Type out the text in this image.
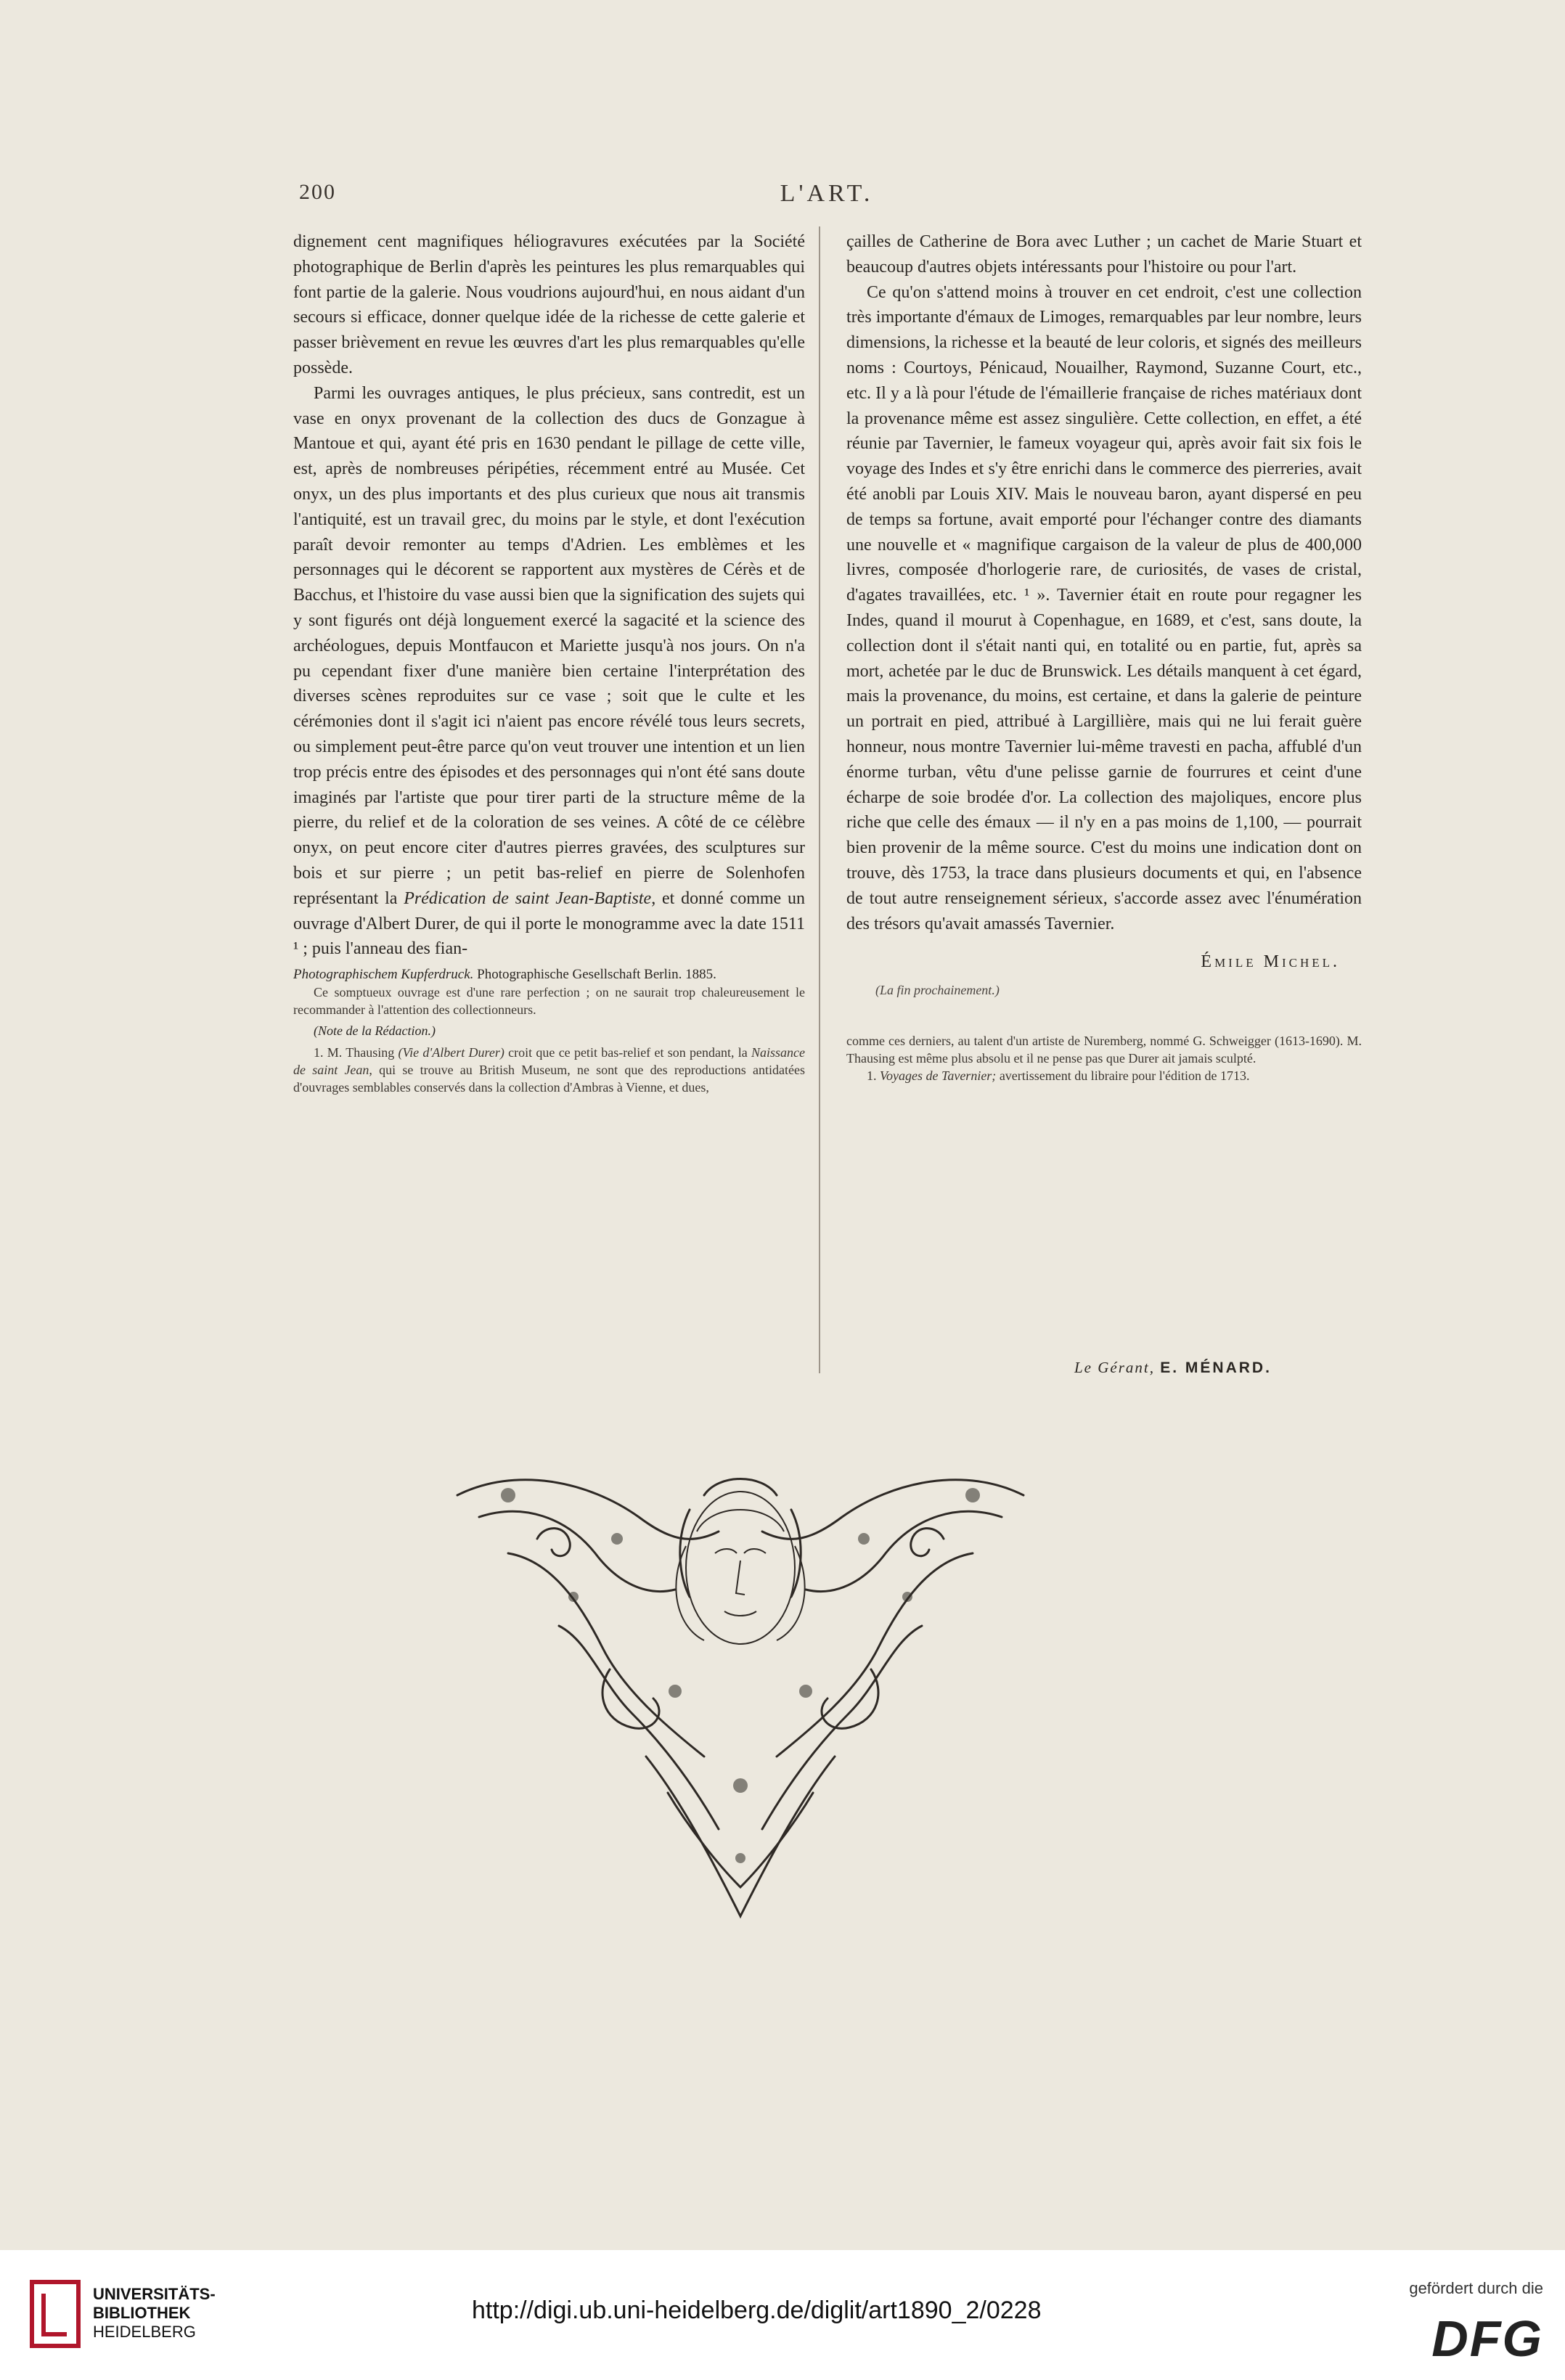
200	L'ART.

dignement cent magnifiques héliogravures exécutées par la Société photographique de Berlin d'après les peintures les plus remarquables qui font partie de la galerie. Nous voudrions aujourd'hui, en nous aidant d'un secours si efficace, donner quelque idée de la richesse de cette galerie et passer brièvement en revue les œuvres d'art les plus remarquables qu'elle possède.

Parmi les ouvrages antiques, le plus précieux, sans contredit, est un vase en onyx provenant de la collection des ducs de Gonzague à Mantoue et qui, ayant été pris en 1630 pendant le pillage de cette ville, est, après de nombreuses péripéties, récemment entré au Musée. Cet onyx, un des plus importants et des plus curieux que nous ait transmis l'antiquité, est un travail grec, du moins par le style, et dont l'exécution paraît devoir remonter au temps d'Adrien. Les emblèmes et les personnages qui le décorent se rapportent aux mystères de Cérès et de Bacchus, et l'histoire du vase aussi bien que la signification des sujets qui y sont figurés ont déjà longuement exercé la sagacité et la science des archéologues, depuis Montfaucon et Mariette jusqu'à nos jours. On n'a pu cependant fixer d'une manière bien certaine l'interprétation des diverses scènes reproduites sur ce vase ; soit que le culte et les cérémonies dont il s'agit ici n'aient pas encore révélé tous leurs secrets, ou simplement peut-être parce qu'on veut trouver une intention et un lien trop précis entre des épisodes et des personnages qui n'ont été sans doute imaginés par l'artiste que pour tirer parti de la structure même de la pierre, du relief et de la coloration de ses veines. A côté de ce célèbre onyx, on peut encore citer d'autres pierres gravées, des sculptures sur bois et sur pierre ; un petit bas-relief en pierre de Solenhofen représentant la Prédication de saint Jean-Baptiste, et donné comme un ouvrage d'Albert Durer, de qui il porte le monogramme avec la date 1511 ¹ ; puis l'anneau des fian-

Photographischem Kupferdruck. Photographische Gesellschaft Berlin. 1885.

Ce somptueux ouvrage est d'une rare perfection ; on ne saurait trop chaleureusement le recommander à l'attention des collectionneurs.

(Note de la Rédaction.)

1. M. Thausing (Vie d'Albert Durer) croit que ce petit bas-relief et son pendant, la Naissance de saint Jean, qui se trouve au British Museum, ne sont que des reproductions antidatées d'ouvrages semblables conservés dans la collection d'Ambras à Vienne, et dues,

çailles de Catherine de Bora avec Luther ; un cachet de Marie Stuart et beaucoup d'autres objets intéressants pour l'histoire ou pour l'art.

Ce qu'on s'attend moins à trouver en cet endroit, c'est une collection très importante d'émaux de Limoges, remarquables par leur nombre, leurs dimensions, la richesse et la beauté de leur coloris, et signés des meilleurs noms : Courtoys, Pénicaud, Nouailher, Raymond, Suzanne Court, etc., etc. Il y a là pour l'étude de l'émaillerie française de riches matériaux dont la provenance même est assez singulière. Cette collection, en effet, a été réunie par Tavernier, le fameux voyageur qui, après avoir fait six fois le voyage des Indes et s'y être enrichi dans le commerce des pierreries, avait été anobli par Louis XIV. Mais le nouveau baron, ayant dispersé en peu de temps sa fortune, avait emporté pour l'échanger contre des diamants une nouvelle et « magnifique cargaison de la valeur de plus de 400,000 livres, composée d'horlogerie rare, de curiosités, de vases de cristal, d'agates travaillées, etc. ¹ ». Tavernier était en route pour regagner les Indes, quand il mourut à Copenhague, en 1689, et c'est, sans doute, la collection dont il s'était nanti qui, en totalité ou en partie, fut, après sa mort, achetée par le duc de Brunswick. Les détails manquent à cet égard, mais la provenance, du moins, est certaine, et dans la galerie de peinture un portrait en pied, attribué à Largillière, mais qui ne lui ferait guère honneur, nous montre Tavernier lui-même travesti en pacha, affublé d'un énorme turban, vêtu d'une pelisse garnie de fourrures et ceint d'une écharpe de soie brodée d'or. La collection des majoliques, encore plus riche que celle des émaux — il n'y en a pas moins de 1,100, — pourrait bien provenir de la même source. C'est du moins une indication dont on trouve, dès 1753, la trace dans plusieurs documents et qui, en l'absence de tout autre renseignement sérieux, s'accorde assez avec l'énumération des trésors qu'avait amassés Tavernier.

Émile Michel.
(La fin prochainement.)

comme ces derniers, au talent d'un artiste de Nuremberg, nommé G. Schweigger (1613-1690). M. Thausing est même plus absolu et il ne pense pas que Durer ait jamais sculpté.

1. Voyages de Tavernier; avertissement du libraire pour l'édition de 1713.

Le Gérant, E. MÉNARD.
UNIVERSITÄTS-
BIBLIOTHEK
HEIDELBERG
http://digi.ub.uni-heidelberg.de/diglit/art1890_2/0228
gefördert durch die
DFG
